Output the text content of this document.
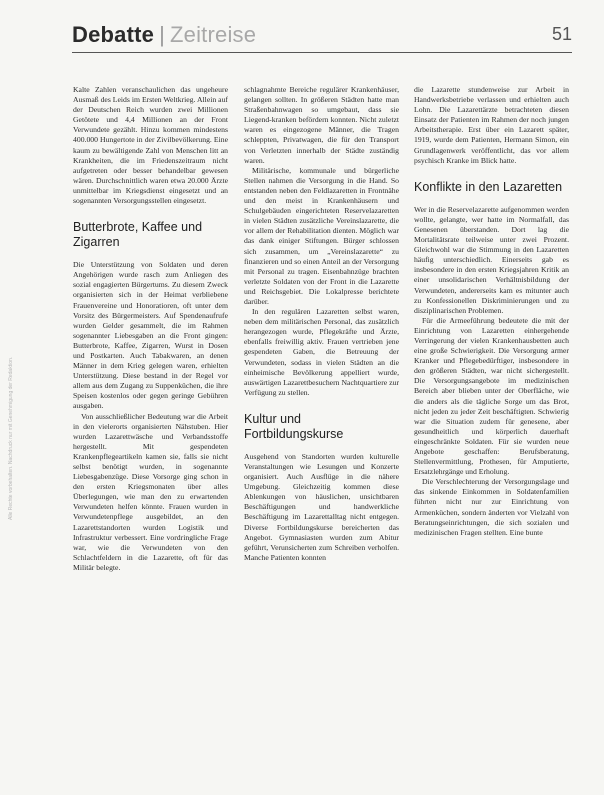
Debatte | Zeitreise	51
Alle Rechte vorbehalten. Nachdruck nur mit Genehmigung der Redaktion.

Kalte Zahlen veranschaulichen das ungeheure Ausmaß des Leids im Ersten Weltkrieg. Allein auf der Deutschen Reich wurden zwei Millionen Getötete und 4,4 Millionen an der Front Verwundete gezählt. Hinzu kommen mindestens 400.000 Hungertote in der Zivilbevölkerung. Eine kaum zu bewältigende Zahl von Menschen litt an Krankheiten, die im Friedenszeitraum nicht aufgetreten oder besser behandelbar gewesen wären. Durchschnittlich waren etwa 20.000 Ärzte unmittelbar im Kriegsdienst eingesetzt und an sogenannten Versorgungsstellen eingesetzt.

Butterbrote, Kaffee und Zigarren

Die Unterstützung von Soldaten und deren Angehörigen wurde rasch zum Anliegen des sozial engagierten Bürgertums. Zu diesem Zweck organisierten sich in der Heimat verbliebene Frauenvereine und Honoratioren, oft unter dem Vorsitz des Bürgermeisters. Auf Spendenaufrufe wurden Gelder gesammelt, die im Rahmen sogenannter Liebesgaben an die Front gingen: Butterbrote, Kaffee, Zigarren, Wurst in Dosen und Postkarten. Auch Tabakwaren, an denen Männer in dem Krieg gelegen waren, erhielten Unterstützung. Diese bestand in der Regel vor allem aus dem Zugang zu Suppenküchen, die ihre Speisen kostenlos oder gegen geringe Gebühren ausgaben.

Von ausschließlicher Bedeutung war die Arbeit in den vielerorts organisierten Nähstuben. Hier wurden Lazarettwäsche und Verbandsstoffe hergestellt. Mit gespendeten Krankenpflegeartikeln kamen sie, falls sie nicht selbst benötigt wurden, in sogenannte Liebesgabenzüge. Diese Vorsorge ging schon in den ersten Kriegsmonaten über alles Überlegungen, wie man den zu erwartenden Verwundeten helfen könnte. Frauen wurden in Verwundetenpflege ausgebildet, an den Lazarettstandorten wurden Logistik und Infrastruktur verbessert. Eine vordringliche Frage war, wie die Verwundeten von den Schlachtfeldern in die Lazarette, oft für das Militär belegte.

schlagnahmte Bereiche regulärer Krankenhäuser, gelangen sollten. In größeren Städten hatte man Straßenbahnwagen so umgebaut, dass sie Liegend-kranken befördern konnten. Nicht zuletzt waren es eingezogene Männer, die Tragen schleppten, Privatwagen, die für den Transport von Verletzten innerhalb der Städte zuständig waren.

Militärische, kommunale und bürgerliche Stellen nahmen die Versorgung in die Hand. So entstanden neben den Feldlazaretten in Frontnähe und den meist in Krankenhäusern und Schulgebäuden eingerichteten Reservelazaretten in vielen Städten zusätzliche Vereinslazarette, die vor allem der Rehabilitation dienten. Möglich war das dank einiger Stiftungen. Bürger schlossen sich zusammen, um „Vereinslazarette“ zu finanzieren und so einen Anteil an der Versorgung mit Personal zu tragen. Eisenbahnzüge brachten verletzte Soldaten von der Front in die Lazarette und Reichsgebiet. Die Lokalpresse berichtete darüber.

In den regulären Lazaretten selbst waren, neben dem militärischen Personal, das zusätzlich herangezogen wurde, Pflegekräfte und Ärzte, ebenfalls freiwillig aktiv. Frauen vertrieben jene gespendeten Gaben, die Betreuung der Verwundeten, sodass in vielen Städten an die einheimische Bevölkerung appelliert wurde, auswärtigen Lazarettbesuchern Nachtquartiere zur Verfügung zu stellen.

Kultur und Fortbildungskurse

Ausgehend von Standorten wurden kulturelle Veranstaltungen wie Lesungen und Konzerte organisiert. Auch Ausflüge in die nähere Umgebung. Gleichzeitig kommen diese Ablenkungen von häuslichen, unsichtbaren Beschäftigungen und handwerkliche Beschäftigung im Lazarettalltag nicht entgegen. Diverse Fortbildungskurse bereicherten das Angebot. Gymnasiasten wurden zum Abitur geführt, Verunsicherten zum Schreiben verholfen. Manche Patienten konnten

die Lazarette stundenweise zur Arbeit in Handwerksbetriebe verlassen und erhielten auch Lohn. Die Lazarettärzte betrachteten diesen Einsatz der Patienten im Rahmen der noch jungen Arbeitstherapie. Erst über ein Lazarett später, 1919, wurde dem Patienten, Hermann Simon, ein Grundlagenwerk veröffentlicht, das vor allem psychisch Kranke im Blick hatte.

Konflikte in den Lazaretten

Wer in die Reservelazarette aufgenommen werden wollte, gelangte, wer hatte im Normalfall, das Genesenen überstanden. Dort lag die Mortalitätsrate teilweise unter zwei Prozent. Gleichwohl war die Stimmung in den Lazaretten häufig unterschiedlich. Einerseits gab es insbesondere in den ersten Kriegsjahren Kritik an einer unsolidarischen Verhältnisbildung der Verwundeten, andererseits kam es mitunter auch zu Konfessionellen Diskriminierungen und zu disziplinarischen Problemen.

Für die Armeeführung bedeutete die mit der Einrichtung von Lazaretten einhergehende Verringerung der vielen Krankenhausbetten auch eine große Schwierigkeit. Die Versorgung armer Kranker und Pflegebedürftiger, insbesondere in den größeren Städten, war nicht sichergestellt. Die Versorgungsangebote im medizinischen Bereich aber blieben unter der Oberfläche, wie die anders als die tägliche Sorge um das Brot, nicht jeden zu jeder Zeit beschäftigten. Schwierig war die Situation zudem für genesene, aber gesundheitlich und körperlich dauerhaft eingeschränkte Soldaten. Für sie wurden neue Angebote geschaffen: Berufsberatung, Stellenvermittlung, Prothesen, für Amputierte, Ersatzlehrgänge und Erholung.

Die Verschlechterung der Versorgungslage und das sinkende Einkommen in Soldatenfamilien führten nicht nur zur Einrichtung von Armenküchen, sondern änderten vor Vielzahl von Beratungseinrichtungen, die sich sozialen und medizinischen Fragen stellten. Eine bunte
